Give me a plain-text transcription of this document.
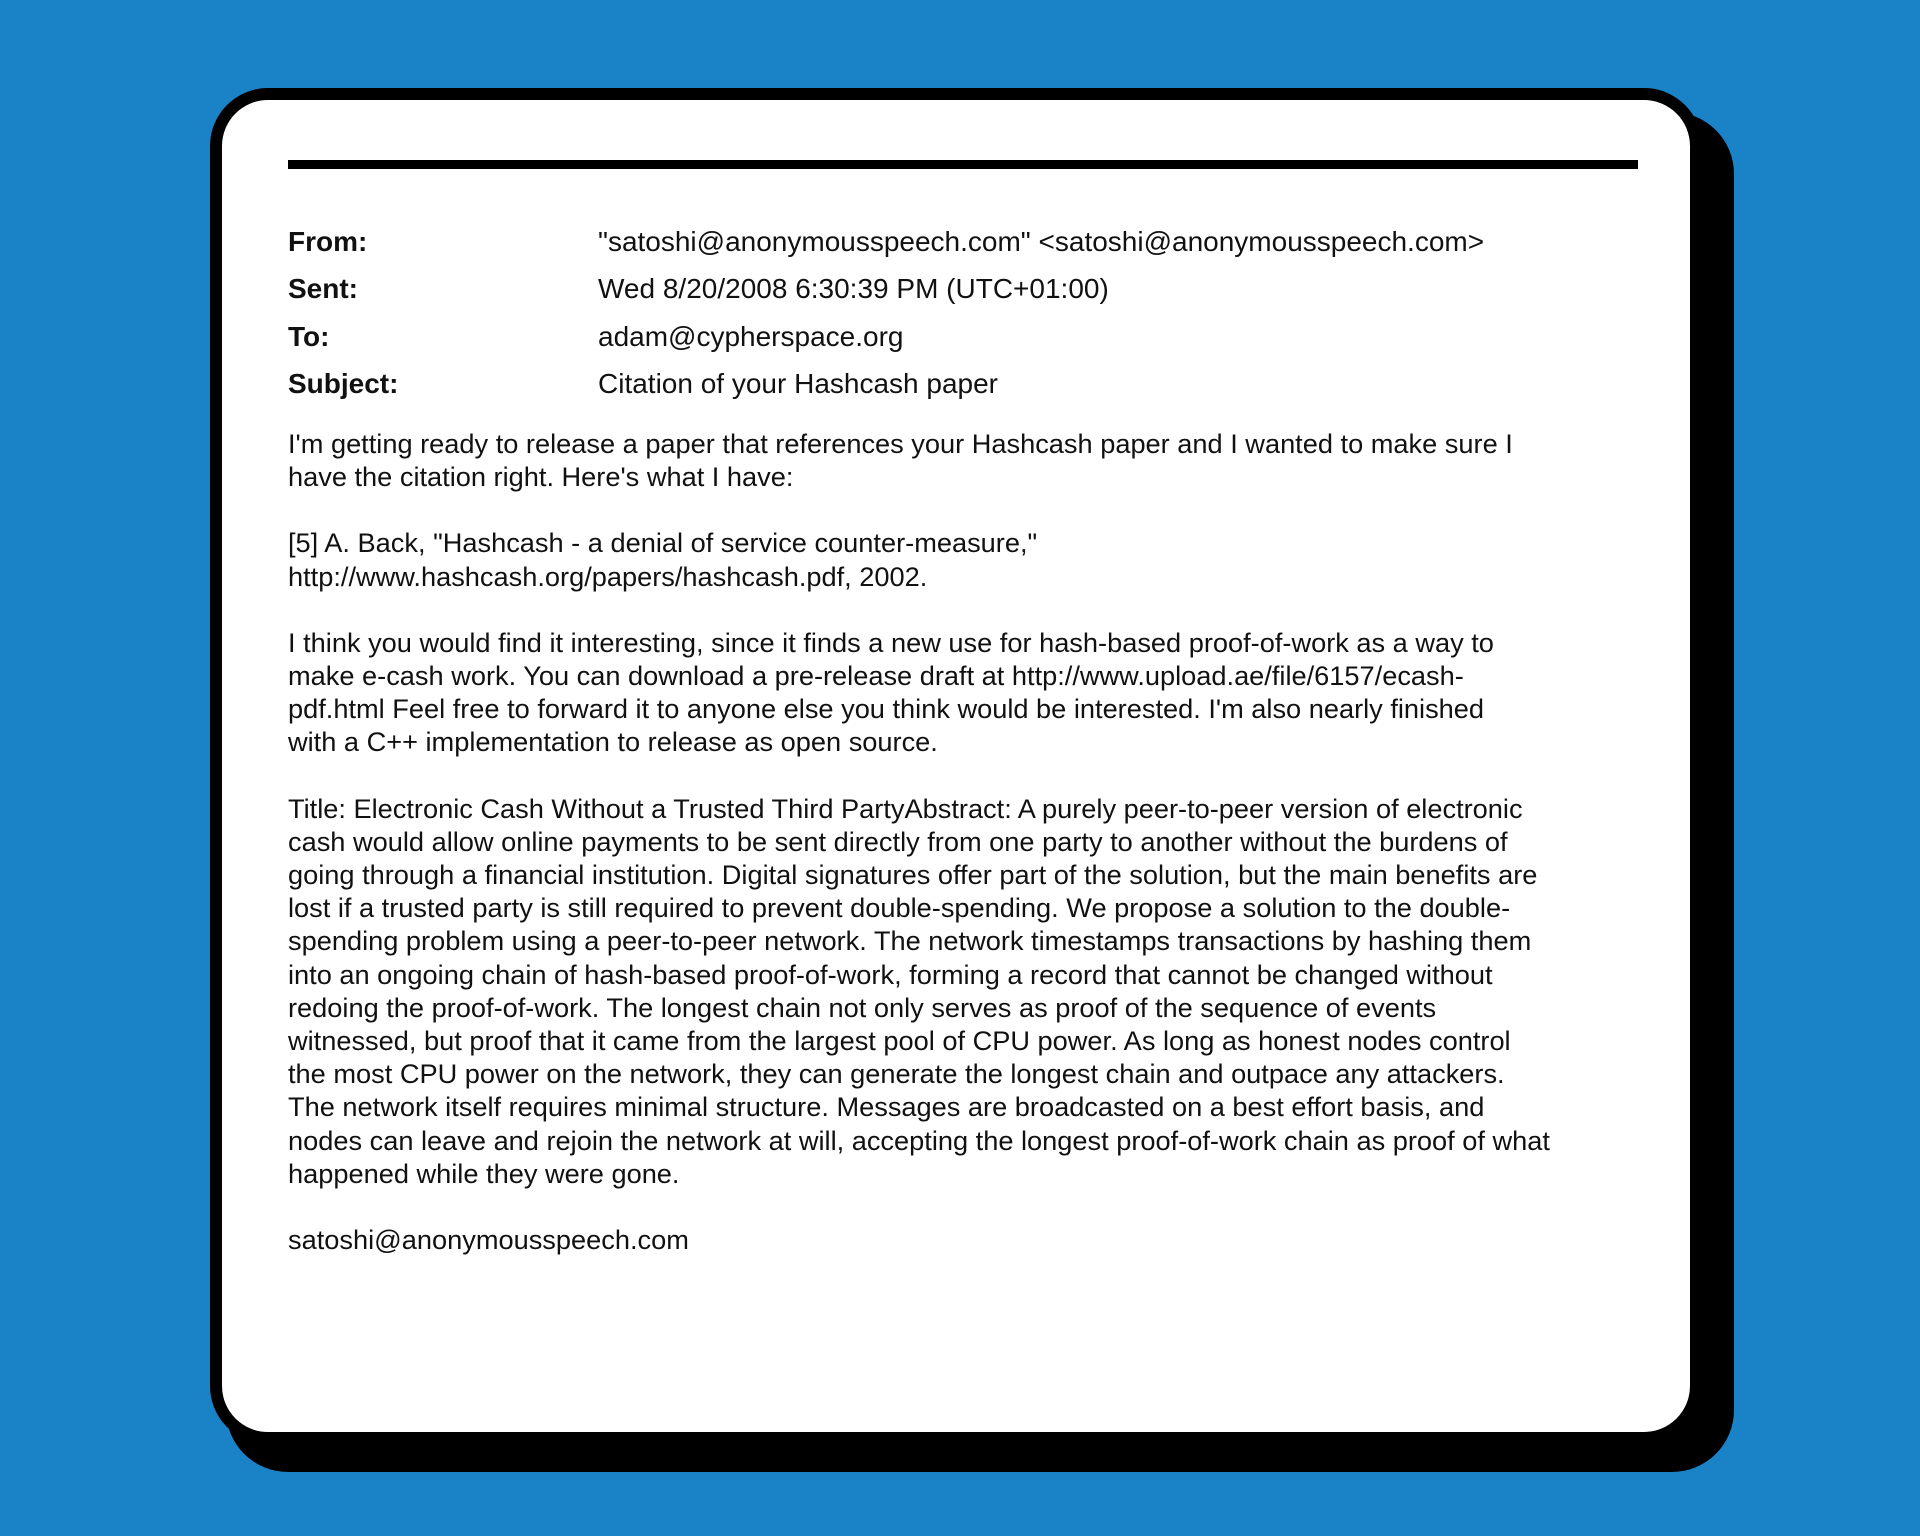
From:	"satoshi@anonymousspeech.com" <satoshi@anonymousspeech.com>
Sent:	Wed 8/20/2008 6:30:39 PM (UTC+01:00)
To:	adam@cypherspace.org
Subject:	Citation of your Hashcash paper

I'm getting ready to release a paper that references your Hashcash paper and I wanted to make sure I
have the citation right. Here's what I have:

[5] A. Back, "Hashcash - a denial of service counter-measure,"
http://www.hashcash.org/papers/hashcash.pdf, 2002.

I think you would find it interesting, since it finds a new use for hash-based proof-of-work as a way to
make e-cash work. You can download a pre-release draft at http://www.upload.ae/file/6157/ecash-
pdf.html Feel free to forward it to anyone else you think would be interested. I'm also nearly finished
with a C++ implementation to release as open source.

Title: Electronic Cash Without a Trusted Third PartyAbstract: A purely peer-to-peer version of electronic
cash would allow online payments to be sent directly from one party to another without the burdens of
going through a financial institution. Digital signatures offer part of the solution, but the main benefits are
lost if a trusted party is still required to prevent double-spending. We propose a solution to the double-
spending problem using a peer-to-peer network. The network timestamps transactions by hashing them
into an ongoing chain of hash-based proof-of-work, forming a record that cannot be changed without
redoing the proof-of-work. The longest chain not only serves as proof of the sequence of events
witnessed, but proof that it came from the largest pool of CPU power. As long as honest nodes control
the most CPU power on the network, they can generate the longest chain and outpace any attackers.
The network itself requires minimal structure. Messages are broadcasted on a best effort basis, and
nodes can leave and rejoin the network at will, accepting the longest proof-of-work chain as proof of what
happened while they were gone.

satoshi@anonymousspeech.com
